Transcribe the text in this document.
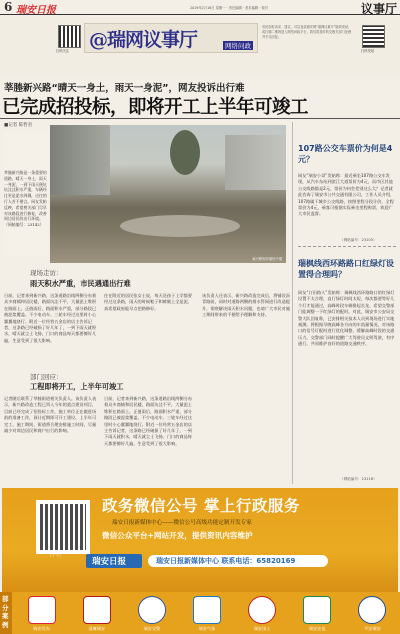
6 瑞安日报	2019年2月18日 星期一 · 责任编辑 · 美术编辑 · 校对	议事厅
扫码关注 @瑞网议事厅	网络问政
市民如有诉求、建议，可以登录瑞安网“瑞网议事厅”版块发帖，或扫描二维码进入网络问政平台，我们将及时转交相关部门处理并予以回复。
扫码发帖
莘塍新兴路“晴天一身土，雨天一身泥”，网友投诉出行难
已完成招投标，即将开工上半年可竣工
■记者 陈哲君
莘塍新兴路是一条重要的道路，晴天一身土，雨天一身泥，一到下雨天便坑坑洼洼积水严重，车辆经过更是泥水四溅，过往的行人苦不堪言。网友发帖反映，希望相关部门尽早对该路段进行修复，改善周边居民的出行环境。（网帖编号：23142）
新兴路现状堪忧不堪
现场走访：
雨天积水严重，市民遇通出行难
日前，记者来到新兴路，这条道路沿线两侧分布着众多商铺和居民楼，路面坑洼不平，大量泥土堆积在路面上。正值雨后，路面积水严重，部分路段已被泥浆覆盖。不少电动车、三轮车经过这里时小心翼翼地绕行。附近一位经营五金店的店主告诉记者，这条路已经破损了好几年了，一到下雨天就积水，晴天就尘土飞扬，门口的商品每天都要擦好几遍，生意受到了很大影响。
住在附近的居民张女士说，每天送孩子上学都要经过这条路，雨天的时候鞋子和裤腿上全是泥，真希望政府能早点把路修好。
该负责人还表示，新兴路改造完成后，将铺设沥青路面，同时对道路两侧的排水管网进行改造提升，彻底解决雨天积水问题，也请广大市民对施工期间带来的不便给予理解和支持。
部门回应：
工程即将开工，上半年可竣工
记者随后联系了莘塍街道相关负责人。该负责人表示，新兴路改造工程已列入今年的重点建设项目，目前已经完成了招投标工作，施工单位正在做进场前的准备工作，预计近期即可开工建设，上半年可完工。施工期间，街道将合理安排施工时间，尽量减少对周边居民和商户出行的影响。
日前，记者来到新兴路，这条道路沿线两侧分布着众多商铺和居民楼，路面坑洼不平，大量泥土堆积在路面上。正值雨后，路面积水严重，部分路段已被泥浆覆盖。不少电动车、三轮车经过这里时小心翼翼地绕行。附近一位经营五金店的店主告诉记者，这条路已经破损了好几年了，一到下雨天就积水，晴天就尘土飞扬，门口的商品每天都要擦好几遍，生意受到了很大影响。
107路公交车票价为何是4元？
网友“瑞安小哥”发帖称：最近乘坐107路公交车发现，从汽车东站到滨江大道票价为4元，而市区其他公交线路都是2元，票价为何会差别这么大？记者就此咨询了瑞安市公共交通有限公司，工作人员介绍，107路属于城乡公交线路，按照里程分段计价，全程票价为4元，乘客可根据实际乘坐里程购票，欢迎广大市民监督。
（网帖编号：23105）
瑞枫线西环路路口红绿灯设置得合理吗？
网友“汀田路人”发帖称：瑞枫线西环路路口的红绿灯设置不太合理，直行绿灯时间太短，每次都要等好几个灯才能通过，高峰时段车辆排起长龙，希望交警部门能调整一下红绿灯的配时。对此，瑞安市公安局交警大队回复称，已安排相关技术人员到现场进行实地观测，将根据早晚高峰各方向的车流量情况，对该路口的信号灯配时进行优化调整，缓解高峰时段的交通压力。交警部门同时提醒广大驾驶员文明驾驶，有序通行，共同维护良好的道路交通秩序。
（网帖编号：23118）
扫一扫
政务微信公号 掌上行政服务
瑞安日报新媒体中心——微信公号高级功能定制开发专家
微信公众平台+网站开发，提供资讯内容维护
瑞安日报	瑞安日报新媒体中心 联系电话：65820169
部分案例	瑞安发布	清廉瑞安	瑞安交警	瑞安气象	瑞安国土	瑞安安监	平安瑞安
